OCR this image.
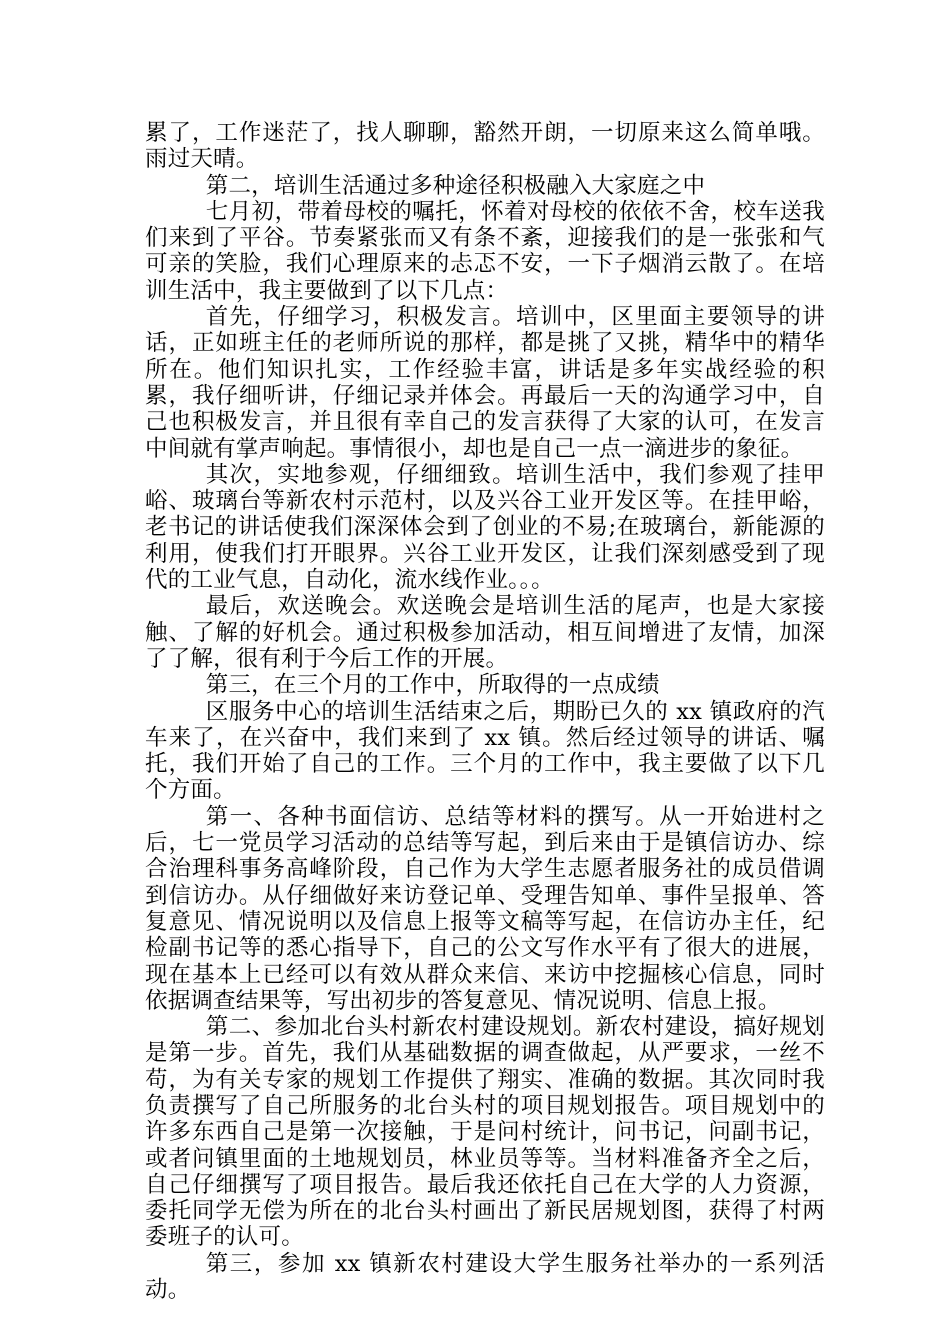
累了，工作迷茫了，找人聊聊，豁然开朗，一切原来这么简单哦。雨过天晴。

第二，培训生活通过多种途径积极融入大家庭之中

七月初，带着母校的嘱托，怀着对母校的依依不舍，校车送我们来到了平谷。节奏紧张而又有条不紊，迎接我们的是一张张和气可亲的笑脸，我们心理原来的忐忑不安，一下子烟消云散了。在培训生活中，我主要做到了以下几点：

首先，仔细学习，积极发言。培训中，区里面主要领导的讲话，正如班主任的老师所说的那样，都是挑了又挑，精华中的精华所在。他们知识扎实，工作经验丰富，讲话是多年实战经验的积累，我仔细听讲，仔细记录并体会。再最后一天的沟通学习中，自己也积极发言，并且很有幸自己的发言获得了大家的认可，在发言中间就有掌声响起。事情很小，却也是自己一点一滴进步的象征。

其次，实地参观，仔细细致。培训生活中，我们参观了挂甲峪、玻璃台等新农村示范村，以及兴谷工业开发区等。在挂甲峪，老书记的讲话使我们深深体会到了创业的不易;在玻璃台，新能源的利用，使我们打开眼界。兴谷工业开发区，让我们深刻感受到了现代的工业气息，自动化，流水线作业。。。

最后，欢送晚会。欢送晚会是培训生活的尾声，也是大家接触、了解的好机会。通过积极参加活动，相互间增进了友情，加深了了解，很有利于今后工作的开展。

第三，在三个月的工作中，所取得的一点成绩

区服务中心的培训生活结束之后，期盼已久的 xx 镇政府的汽车来了，在兴奋中，我们来到了 xx 镇。然后经过领导的讲话、嘱托，我们开始了自己的工作。三个月的工作中，我主要做了以下几个方面。

第一、各种书面信访、总结等材料的撰写。从一开始进村之后，七一党员学习活动的总结等写起，到后来由于是镇信访办、综合治理科事务高峰阶段，自己作为大学生志愿者服务社的成员借调到信访办。从仔细做好来访登记单、受理告知单、事件呈报单、答复意见、情况说明以及信息上报等文稿等写起，在信访办主任，纪检副书记等的悉心指导下，自己的公文写作水平有了很大的进展，现在基本上已经可以有效从群众来信、来访中挖掘核心信息，同时依据调查结果等，写出初步的答复意见、情况说明、信息上报。

第二、参加北台头村新农村建设规划。新农村建设，搞好规划是第一步。首先，我们从基础数据的调查做起，从严要求，一丝不苟，为有关专家的规划工作提供了翔实、准确的数据。其次同时我负责撰写了自己所服务的北台头村的项目规划报告。项目规划中的许多东西自己是第一次接触，于是问村统计，问书记，问副书记，或者问镇里面的土地规划员，林业员等等。当材料准备齐全之后，自己仔细撰写了项目报告。最后我还依托自己在大学的人力资源，委托同学无偿为所在的北台头村画出了新民居规划图，获得了村两委班子的认可。

第三，参加 xx 镇新农村建设大学生服务社举办的一系列活动。
